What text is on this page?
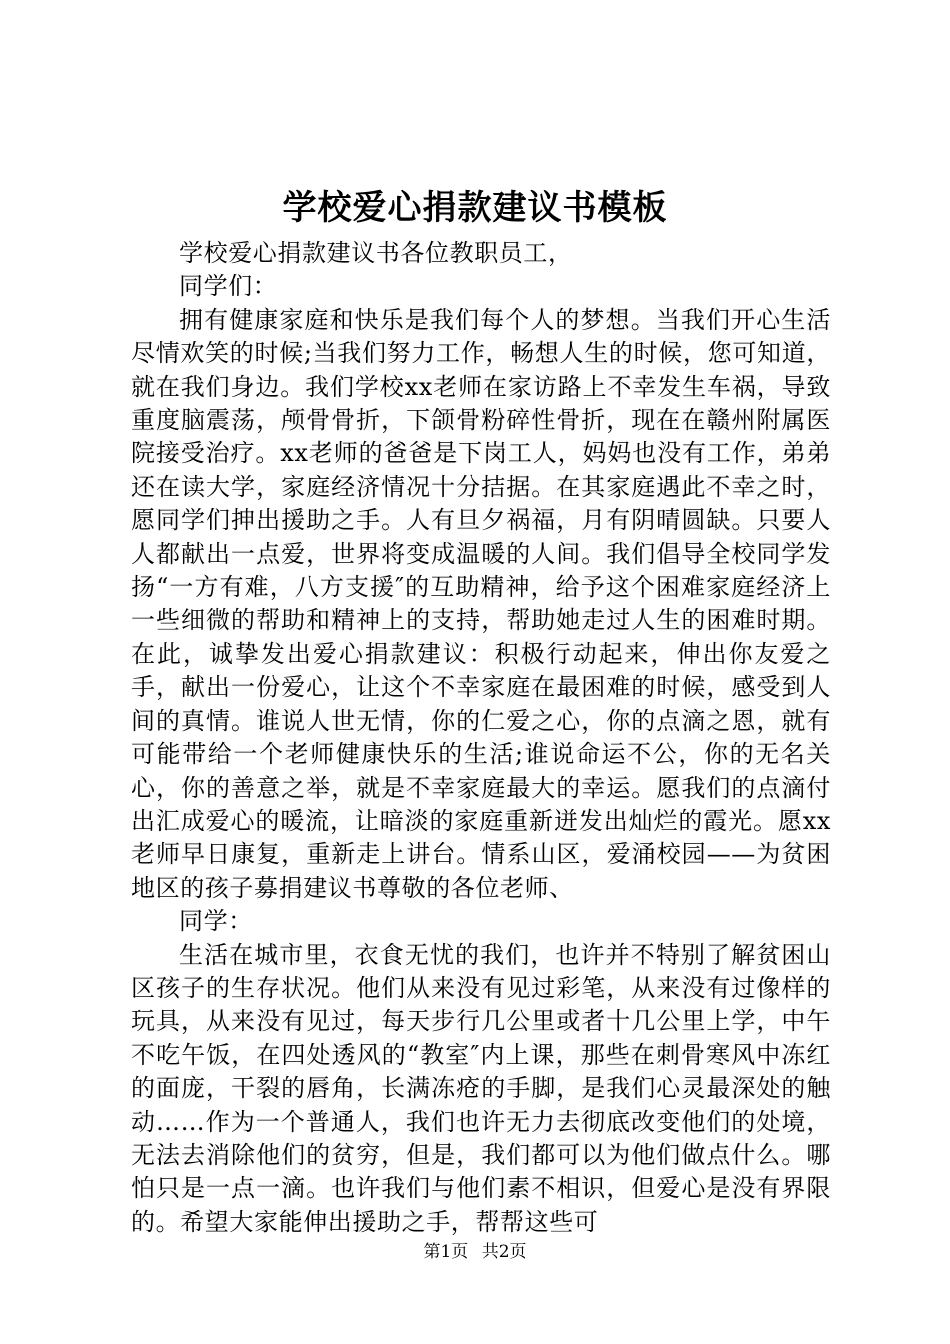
学校爱心捐款建议书模板

学校爱心捐款建议书各位教职员工，

同学们：

拥有健康家庭和快乐是我们每个人的梦想。当我们开心生活尽情欢笑的时候;当我们努力工作，畅想人生的时候，您可知道，就在我们身边。我们学校xx老师在家访路上不幸发生车祸，导致重度脑震荡，颅骨骨折，下颌骨粉碎性骨折，现在在赣州附属医院接受治疗。xx老师的爸爸是下岗工人，妈妈也没有工作，弟弟还在读大学，家庭经济情况十分拮据。在其家庭遇此不幸之时，愿同学们抻出援助之手。人有旦夕祸福，月有阴晴圆缺。只要人人都献出一点爱，世界将变成温暖的人间。我们倡导全校同学发扬“一方有难，八方支援″的互助精神，给予这个困难家庭经济上一些细微的帮助和精神上的支持，帮助她走过人生的困难时期。在此，诚挚发出爱心捐款建议：积极行动起来，伸出你友爱之手，献出一份爱心，让这个不幸家庭在最困难的时候，感受到人间的真情。谁说人世无情，你的仁爱之心，你的点滴之恩，就有可能带给一个老师健康快乐的生活;谁说命运不公，你的无名关心，你的善意之举，就是不幸家庭最大的幸运。愿我们的点滴付出汇成爱心的暖流，让暗淡的家庭重新迸发出灿烂的霞光。愿xx老师早日康复，重新走上讲台。情系山区，爱涌校园——为贫困地区的孩子募捐建议书尊敬的各位老师、

同学：

生活在城市里，衣食无忧的我们，也许并不特别了解贫困山区孩子的生存状况。他们从来没有见过彩笔，从来没有过像样的玩具，从来没有见过，每天步行几公里或者十几公里上学，中午不吃午饭，在四处透风的“教室″内上课，那些在刺骨寒风中冻红的面庞，干裂的唇角，长满冻疮的手脚，是我们心灵最深处的触动……作为一个普通人，我们也许无力去彻底改变他们的处境，无法去消除他们的贫穷，但是，我们都可以为他们做点什么。哪怕只是一点一滴。也许我们与他们素不相识，但爱心是没有界限的。希望大家能伸出援助之手，帮帮这些可

第1页 共2页
